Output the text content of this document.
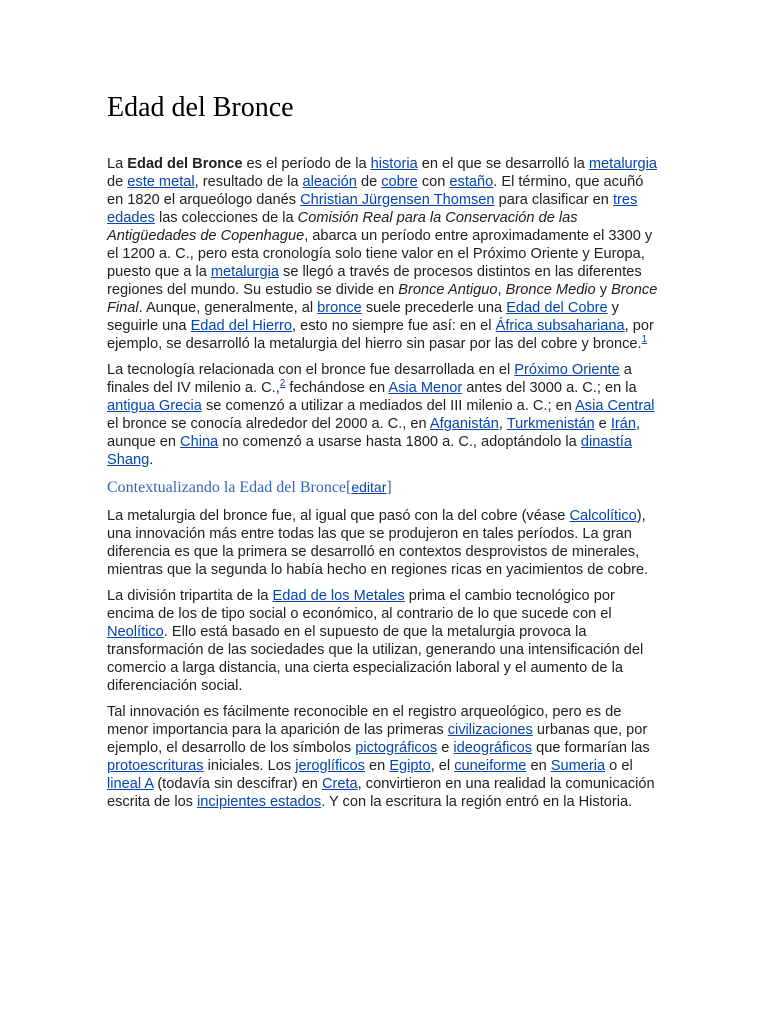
Edad del Bronce

La Edad del Bronce es el período de la historia en el que se desarrolló la metalurgia de este metal, resultado de la aleación de cobre con estaño. El término, que acuñó en 1820 el arqueólogo danés Christian Jürgensen Thomsen para clasificar en tres edades las colecciones de la Comisión Real para la Conservación de las Antigüedades de Copenhague, abarca un período entre aproximadamente el 3300 y el 1200 a. C., pero esta cronología solo tiene valor en el Próximo Oriente y Europa, puesto que a la metalurgia se llegó a través de procesos distintos en las diferentes regiones del mundo. Su estudio se divide en Bronce Antiguo, Bronce Medio y Bronce Final. Aunque, generalmente, al bronce suele precederle una Edad del Cobre y seguirle una Edad del Hierro, esto no siempre fue así: en el África subsahariana, por ejemplo, se desarrolló la metalurgia del hierro sin pasar por las del cobre y bronce.$^1$

La tecnología relacionada con el bronce fue desarrollada en el Próximo Oriente a finales del IV milenio a. C.,$^2$ fechándose en Asia Menor antes del 3000 a. C.; en la antigua Grecia se comenzó a utilizar a mediados del III milenio a. C.; en Asia Central el bronce se conocía alrededor del 2000 a. C., en Afganistán, Turkmenistán e Irán, aunque en China no comenzó a usarse hasta 1800 a. C., adoptándolo la dinastía Shang.

Contextualizando la Edad del Bronce[editar]

La metalurgia del bronce fue, al igual que pasó con la del cobre (véase Calcolítico), una innovación más entre todas las que se produjeron en tales períodos. La gran diferencia es que la primera se desarrolló en contextos desprovistos de minerales, mientras que la segunda lo había hecho en regiones ricas en yacimientos de cobre.

La división tripartita de la Edad de los Metales prima el cambio tecnológico por encima de los de tipo social o económico, al contrario de lo que sucede con el Neolítico. Ello está basado en el supuesto de que la metalurgia provoca la transformación de las sociedades que la utilizan, generando una intensificación del comercio a larga distancia, una cierta especialización laboral y el aumento de la diferenciación social.

Tal innovación es fácilmente reconocible en el registro arqueológico, pero es de menor importancia para la aparición de las primeras civilizaciones urbanas que, por ejemplo, el desarrollo de los símbolos pictográficos e ideográficos que formarían las protoescrituras iniciales. Los jeroglíficos en Egipto, el cuneiforme en Sumeria o el lineal A (todavía sin descifrar) en Creta, convirtieron en una realidad la comunicación escrita de los incipientes estados. Y con la escritura la región entró en la Historia.
